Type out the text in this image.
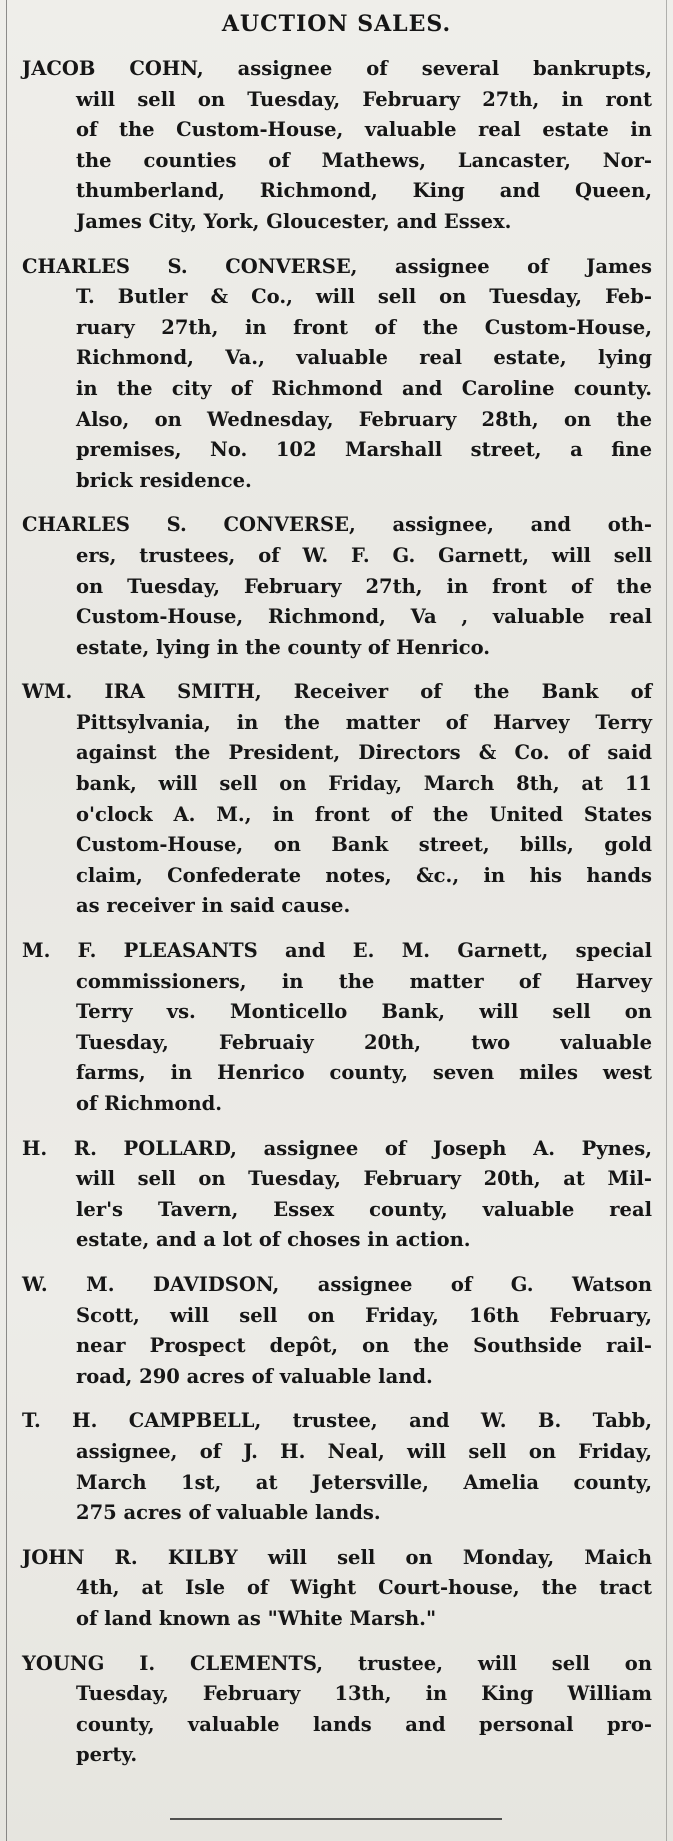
AUCTION SALES.
JACOB COHN, assignee of several bankrupts,
will sell on Tuesday, February 27th, in ront
of the Custom-House, valuable real estate in
the counties of Mathews, Lancaster, Nor-
thumberland, Richmond, King and Queen,
James City, York, Gloucester, and Essex.
CHARLES S. CONVERSE, assignee of James
T. Butler & Co., will sell on Tuesday, Feb-
ruary 27th, in front of the Custom-House,
Richmond, Va., valuable real estate, lying
in the city of Richmond and Caroline county.
Also, on Wednesday, February 28th, on the
premises, No. 102 Marshall street, a fine
brick residence.
CHARLES S. CONVERSE, assignee, and oth-
ers, trustees, of W. F. G. Garnett, will sell
on Tuesday, February 27th, in front of the
Custom-House, Richmond, Va , valuable real
estate, lying in the county of Henrico.
WM. IRA SMITH, Receiver of the Bank of
Pittsylvania, in the matter of Harvey Terry
against the President, Directors & Co. of said
bank, will sell on Friday, March 8th, at 11
o'clock A. M., in front of the United States
Custom-House, on Bank street, bills, gold
claim, Confederate notes, &c., in his hands
as receiver in said cause.
M. F. PLEASANTS and E. M. Garnett, special
commissioners, in the matter of Harvey
Terry vs. Monticello Bank, will sell on
Tuesday, Februaiy 20th, two valuable
farms, in Henrico county, seven miles west
of Richmond.
H. R. POLLARD, assignee of Joseph A. Pynes,
will sell on Tuesday, February 20th, at Mil-
ler's Tavern, Essex county, valuable real
estate, and a lot of choses in action.
W. M. DAVIDSON, assignee of G. Watson
Scott, will sell on Friday, 16th February,
near Prospect depôt, on the Southside rail-
road, 290 acres of valuable land.
T. H. CAMPBELL, trustee, and W. B. Tabb,
assignee, of J. H. Neal, will sell on Friday,
March 1st, at Jetersville, Amelia county,
275 acres of valuable lands.
JOHN R. KILBY will sell on Monday, Maich
4th, at Isle of Wight Court-house, the tract
of land known as "White Marsh."
YOUNG I. CLEMENTS, trustee, will sell on
Tuesday, February 13th, in King William
county, valuable lands and personal pro-
perty.
